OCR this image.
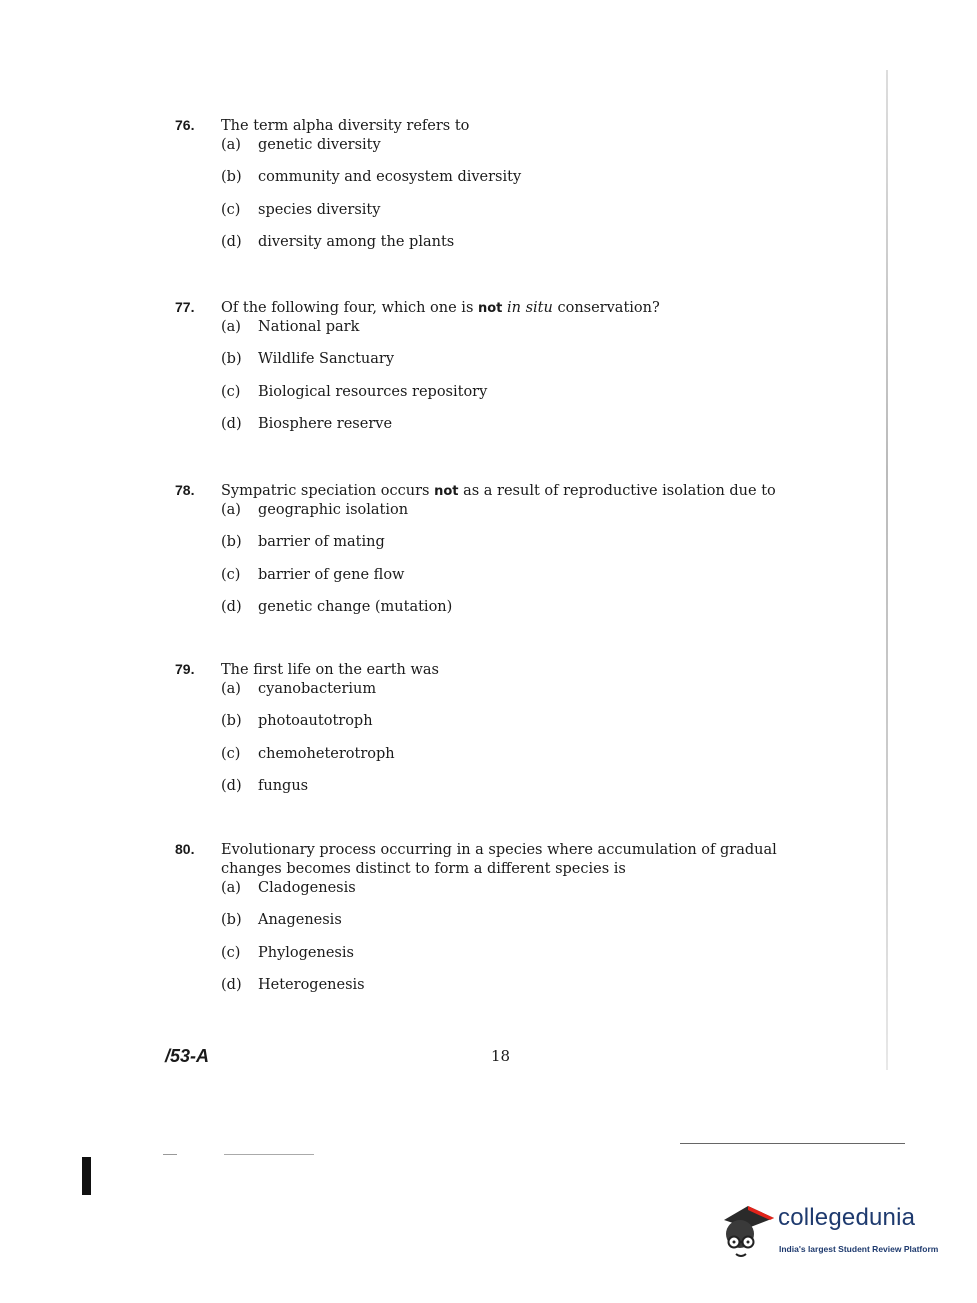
76. The term alpha diversity refers to
(a) genetic diversity
(b) community and ecosystem diversity
(c) species diversity
(d) diversity among the plants
77. Of the following four, which one is not in situ conservation?
(a) National park
(b) Wildlife Sanctuary
(c) Biological resources repository
(d) Biosphere reserve
78. Sympatric speciation occurs not as a result of reproductive isolation due to
(a) geographic isolation
(b) barrier of mating
(c) barrier of gene flow
(d) genetic change (mutation)
79. The first life on the earth was
(a) cyanobacterium
(b) photoautotroph
(c) chemoheterotroph
(d) fungus
80. Evolutionary process occurring in a species where accumulation of gradual changes becomes distinct to form a different species is
(a) Cladogenesis
(b) Anagenesis
(c) Phylogenesis
(d) Heterogenesis
/53-A	18
collegedunia
India's largest Student Review Platform
